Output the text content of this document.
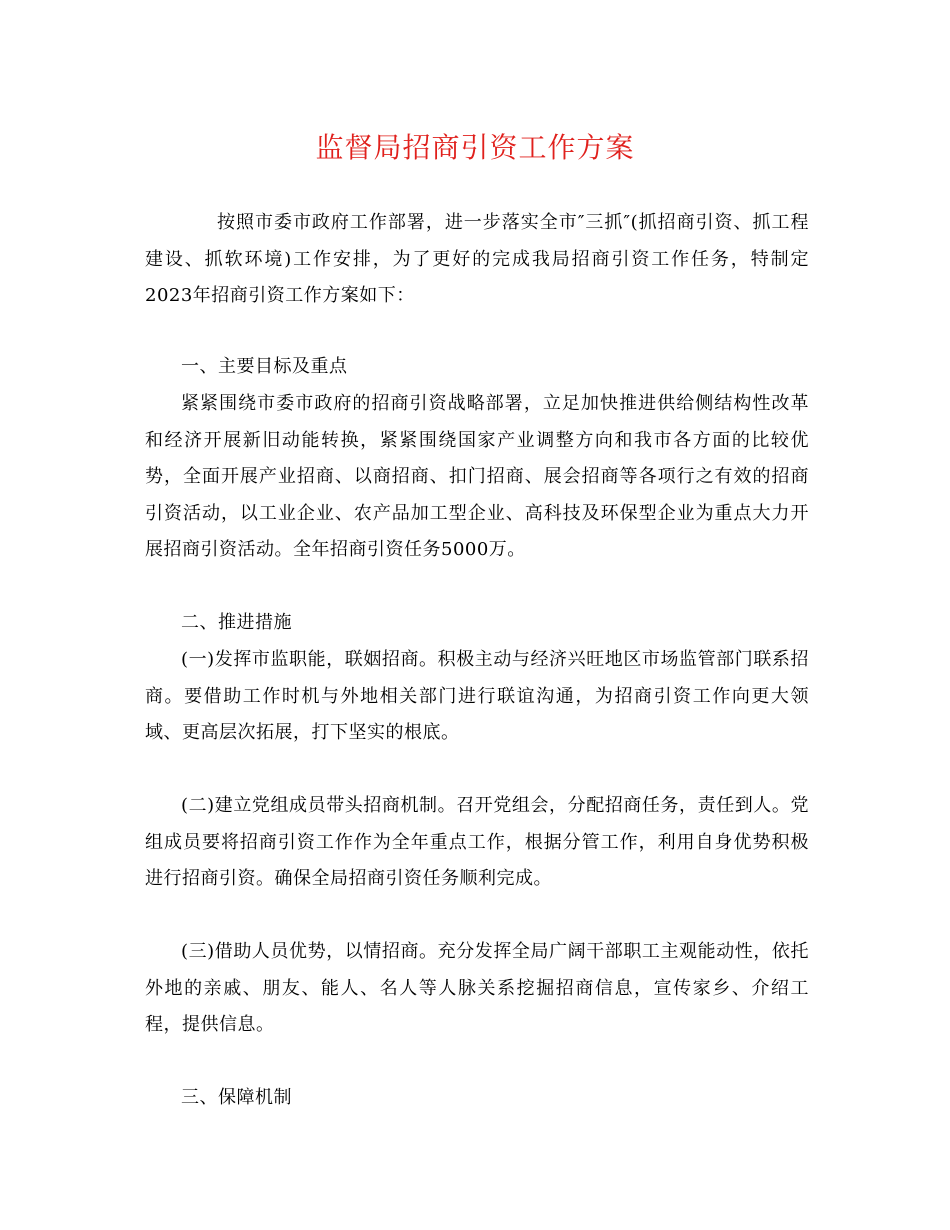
监督局招商引资工作方案

按照市委市政府工作部署，进一步落实全市″三抓″(抓招商引资、抓工程建设、抓软环境)工作安排，为了更好的完成我局招商引资工作任务，特制定2023年招商引资工作方案如下：

一、主要目标及重点

紧紧围绕市委市政府的招商引资战略部署，立足加快推进供给侧结构性改革和经济开展新旧动能转换，紧紧围绕国家产业调整方向和我市各方面的比较优势，全面开展产业招商、以商招商、扣门招商、展会招商等各项行之有效的招商引资活动，以工业企业、农产品加工型企业、高科技及环保型企业为重点大力开展招商引资活动。全年招商引资任务5000万。

二、推进措施

(一)发挥市监职能，联姻招商。积极主动与经济兴旺地区市场监管部门联系招商。要借助工作时机与外地相关部门进行联谊沟通，为招商引资工作向更大领域、更高层次拓展，打下坚实的根底。

(二)建立党组成员带头招商机制。召开党组会，分配招商任务，责任到人。党组成员要将招商引资工作作为全年重点工作，根据分管工作，利用自身优势积极进行招商引资。确保全局招商引资任务顺利完成。

(三)借助人员优势，以情招商。充分发挥全局广阔干部职工主观能动性，依托外地的亲戚、朋友、能人、名人等人脉关系挖掘招商信息，宣传家乡、介绍工程，提供信息。

三、保障机制
